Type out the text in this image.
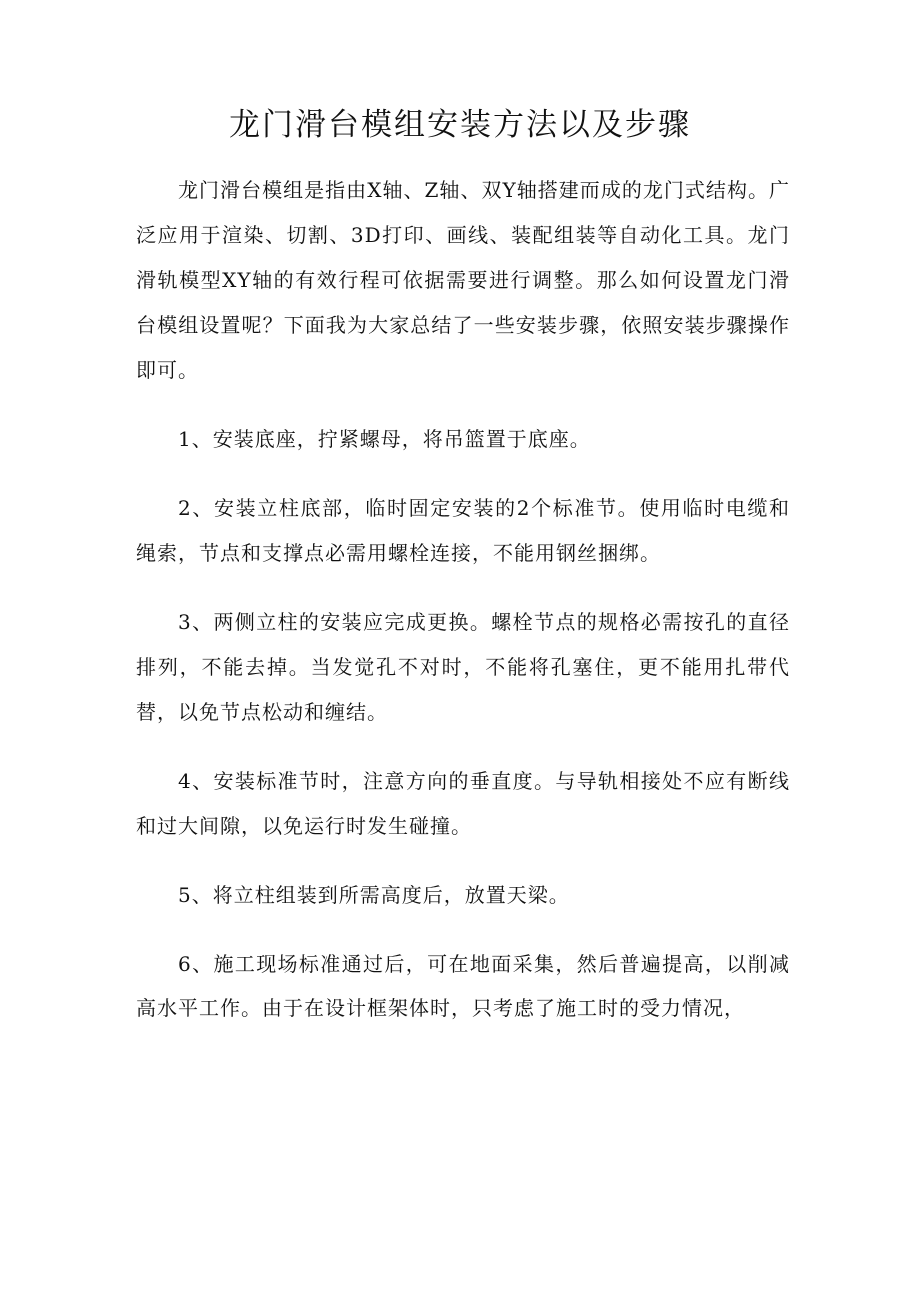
龙门滑台模组安装方法以及步骤

龙门滑台模组是指由X轴、Z轴、双Y轴搭建而成的龙门式结构。广泛应用于渲染、切割、3D打印、画线、装配组装等自动化工具。龙门滑轨模型XY轴的有效行程可依据需要进行调整。那么如何设置龙门滑台模组设置呢？下面我为大家总结了一些安装步骤，依照安装步骤操作即可。

1、安装底座，拧紧螺母，将吊篮置于底座。

2、安装立柱底部，临时固定安装的2个标准节。使用临时电缆和绳索，节点和支撑点必需用螺栓连接，不能用钢丝捆绑。

3、两侧立柱的安装应完成更换。螺栓节点的规格必需按孔的直径排列，不能去掉。当发觉孔不对时，不能将孔塞住，更不能用扎带代替，以免节点松动和缠结。

4、安装标准节时，注意方向的垂直度。与导轨相接处不应有断线和过大间隙，以免运行时发生碰撞。

5、将立柱组装到所需高度后，放置天梁。

6、施工现场标准通过后，可在地面采集，然后普遍提高，以削减高水平工作。由于在设计框架体时，只考虑了施工时的受力情况，
